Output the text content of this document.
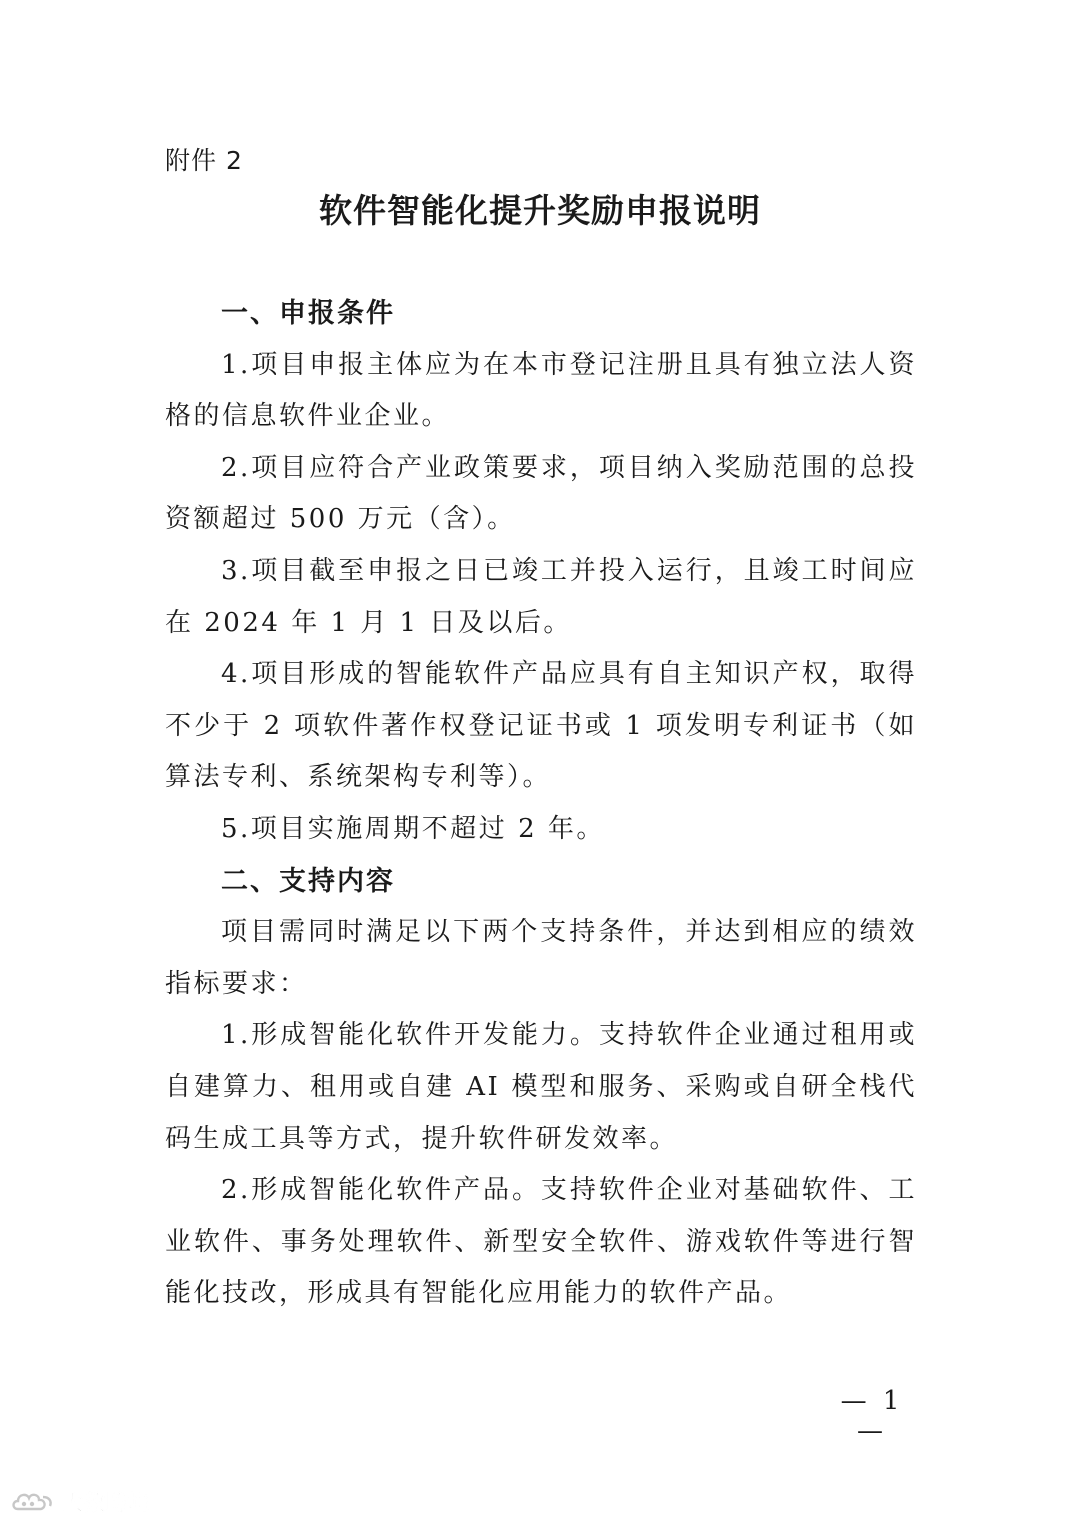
附件 2
软件智能化提升奖励申报说明

一、申报条件

1.项目申报主体应为在本市登记注册且具有独立法人资格的信息软件业企业。

2.项目应符合产业政策要求，项目纳入奖励范围的总投资额超过 500 万元（含）。

3.项目截至申报之日已竣工并投入运行，且竣工时间应在 2024 年 1 月 1 日及以后。

4.项目形成的智能软件产品应具有自主知识产权，取得不少于 2 项软件著作权登记证书或 1 项发明专利证书（如算法专利、系统架构专利等）。

5.项目实施周期不超过 2 年。

二、支持内容

项目需同时满足以下两个支持条件，并达到相应的绩效指标要求：

1.形成智能化软件开发能力。支持软件企业通过租用或自建算力、租用或自建 AI 模型和服务、采购或自研全栈代码生成工具等方式，提升软件研发效率。

2.形成智能化软件产品。支持软件企业对基础软件、工业软件、事务处理软件、新型安全软件、游戏软件等进行智能化技改，形成具有智能化应用能力的软件产品。

— 1 —
大数跨境
